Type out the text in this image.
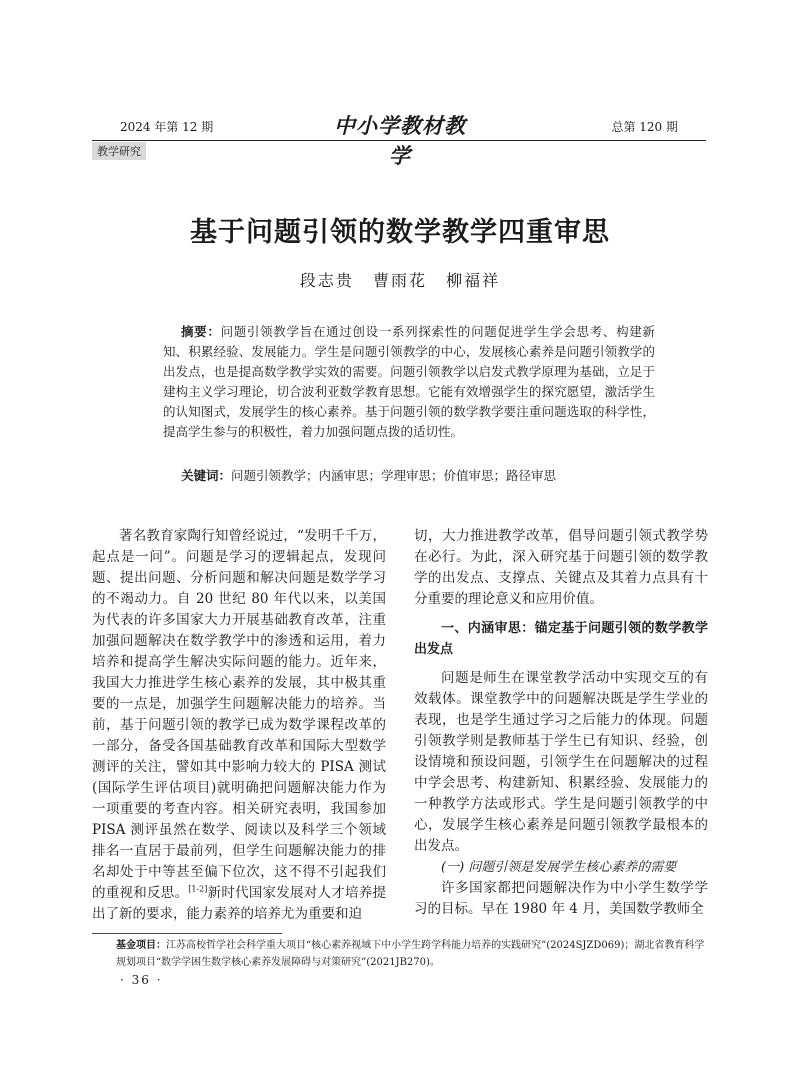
2024 年第 12 期	中小学教材教学
总第 120 期
教学研究
基于问题引领的数学教学四重审思
段志贵 曹雨花 柳福祥
摘要：问题引领教学旨在通过创设一系列探索性的问题促进学生学会思考、构建新知、积累经验、发展能力。学生是问题引领教学的中心，发展核心素养是问题引领教学的出发点，也是提高数学教学实效的需要。问题引领教学以启发式教学原理为基础，立足于建构主义学习理论，切合波利亚数学教育思想。它能有效增强学生的探究愿望，激活学生的认知图式，发展学生的核心素养。基于问题引领的数学教学要注重问题选取的科学性，提高学生参与的积极性，着力加强问题点拨的适切性。
关键词：问题引领教学；内涵审思；学理审思；价值审思；路径审思

著名教育家陶行知曾经说过，“发明千千万，起点是一问”。问题是学习的逻辑起点，发现问题、提出问题、分析问题和解决问题是数学学习的不竭动力。自 20 世纪 80 年代以来，以美国为代表的许多国家大力开展基础教育改革，注重加强问题解决在数学教学中的渗透和运用，着力培养和提高学生解决实际问题的能力。近年来，我国大力推进学生核心素养的发展，其中极其重要的一点是，加强学生问题解决能力的培养。当前，基于问题引领的教学已成为数学课程改革的一部分，备受各国基础教育改革和国际大型数学测评的关注，譬如其中影响力较大的 PISA 测试(国际学生评估项目)就明确把问题解决能力作为一项重要的考查内容。相关研究表明，我国参加 PISA 测评虽然在数学、阅读以及科学三个领域排名一直居于最前列，但学生问题解决能力的排名却处于中等甚至偏下位次，这不得不引起我们的重视和反思。[1-2]新时代国家发展对人才培养提出了新的要求，能力素养的培养尤为重要和迫

切，大力推进教学改革，倡导问题引领式教学势在必行。为此，深入研究基于问题引领的数学教学的出发点、支撑点、关键点及其着力点具有十分重要的理论意义和应用价值。

一、内涵审思：锚定基于问题引领的数学教学出发点

问题是师生在课堂教学活动中实现交互的有效载体。课堂教学中的问题解决既是学生学业的表现，也是学生通过学习之后能力的体现。问题引领教学则是教师基于学生已有知识、经验，创设情境和预设问题，引领学生在问题解决的过程中学会思考、构建新知、积累经验、发展能力的一种教学方法或形式。学生是问题引领教学的中心，发展学生核心素养是问题引领教学最根本的出发点。

(一) 问题引领是发展学生核心素养的需要

许多国家都把问题解决作为中小学生数学学习的目标。早在 1980 年 4 月，美国数学教师全

基金项目：江苏高校哲学社会科学重大项目“核心素养视域下中小学生跨学科能力培养的实践研究”(2024SJZD069)；湖北省教育科学规划项目“数学学困生数学核心素养发展障碍与对策研究”(2021JB270)。
· 36 ·
